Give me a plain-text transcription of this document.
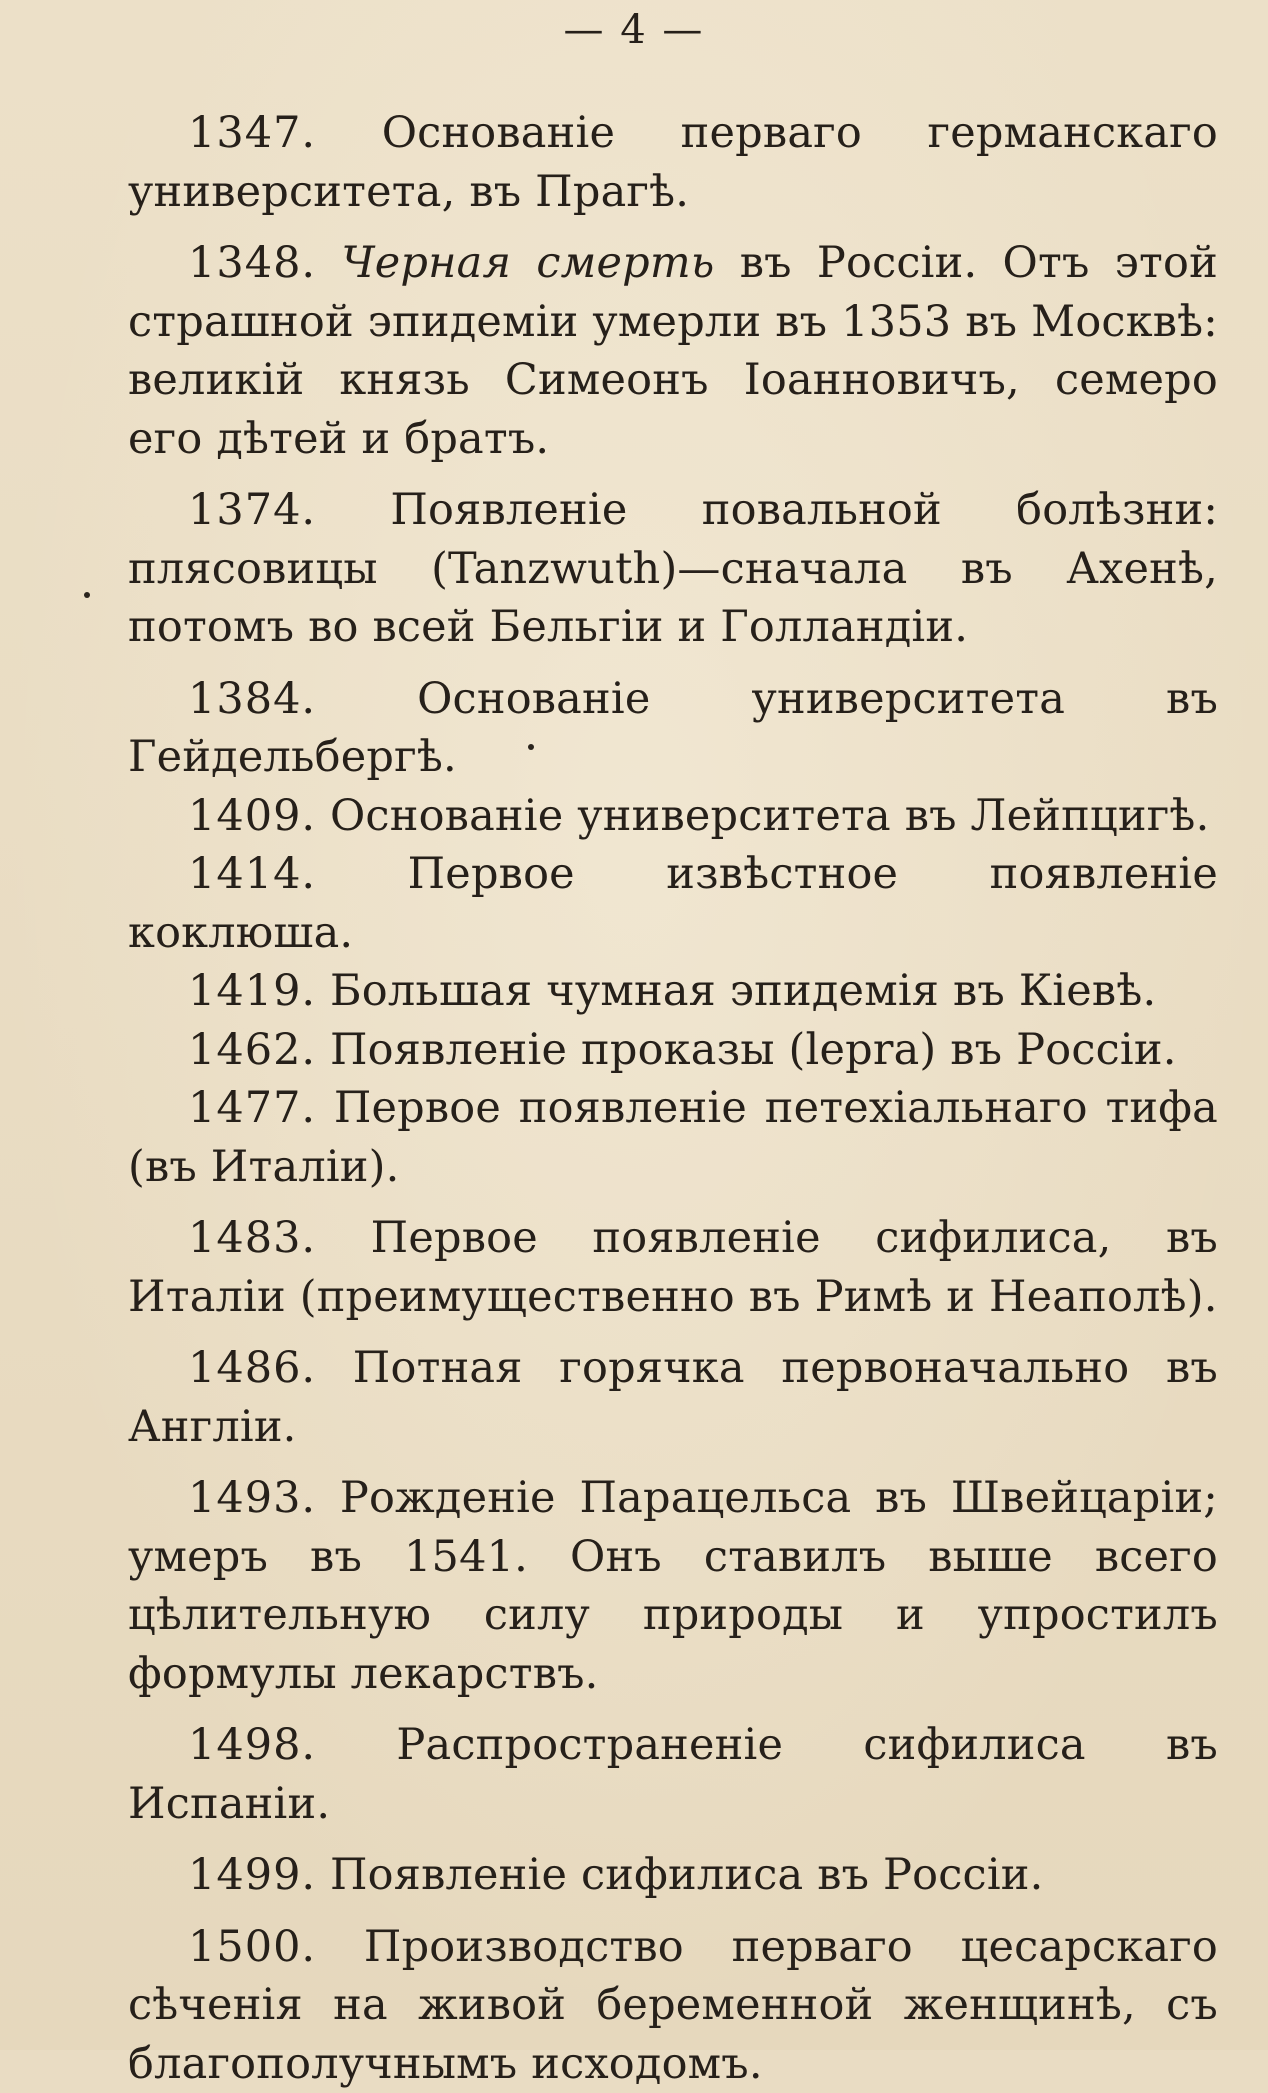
— 4 —

1347. Основаніе перваго германскаго университета, въ Прагѣ.

1348. Черная смерть въ Россіи. Отъ этой страшной эпидеміи умерли въ 1353 въ Москвѣ: великій князь Симеонъ Іоанновичъ, семеро его дѣтей и братъ.

1374. Появленіе повальной болѣзни: плясовицы (Tanzwuth)—сначала въ Ахенѣ, потомъ во всей Бельгіи и Голландіи.

1384. Основаніе университета въ Гейдельбергѣ.

1409. Основаніе университета въ Лейпцигѣ.

1414. Первое извѣстное появленіе коклюша.

1419. Большая чумная эпидемія въ Кіевѣ.

1462. Появленіе проказы (lepra) въ Россіи.

1477. Первое появленіе петехіальнаго тифа (въ Италіи).

1483. Первое появленіе сифилиса, въ Италіи (преимущественно въ Римѣ и Неаполѣ).

1486. Потная горячка первоначально въ Англіи.

1493. Рожденіе Парацельса въ Швейцаріи; умеръ въ 1541. Онъ ставилъ выше всего цѣлительную силу природы и упростилъ формулы лекарствъ.

1498. Распространеніе сифилиса въ Испаніи.

1499. Появленіе сифилиса въ Россіи.

1500. Производство перваго цесарскаго сѣченія на живой беременной женщинѣ, съ благополучнымъ исходомъ.
